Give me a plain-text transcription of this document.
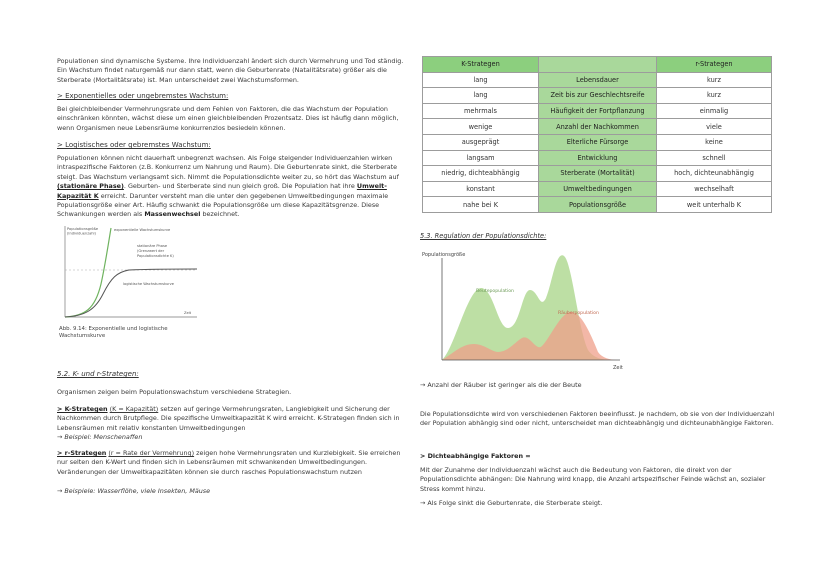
Populationen sind dynamische Systeme. Ihre Individuenzahl ändert sich durch Vermehrung und Tod ständig. Ein Wachstum findet naturgemäß nur dann statt, wenn die Geburtenrate (Natalitätsrate) größer als die Sterberate (Mortalitätsrate) ist. Man unterscheidet zwei Wachstumsformen.

> Exponentielles oder ungebremstes Wachstum:

Bei gleichbleibender Vermehrungsrate und dem Fehlen von Faktoren, die das Wachstum der Population einschränken könnten, wächst diese um einen gleichbleibenden Prozentsatz. Dies ist häufig dann möglich, wenn Organismen neue Lebensräume konkurrenzlos besiedeln können.

> Logistisches oder gebremstes Wachstum:

Populationen können nicht dauerhaft unbegrenzt wachsen. Als Folge steigender Individuenzahlen wirken intraspezifische Faktoren (z.B. Konkurrenz um Nahrung und Raum). Die Geburtenrate sinkt, die Sterberate steigt. Das Wachstum verlangsamt sich. Nimmt die Populationsdichte weiter zu, so hört das Wachstum auf (stationäre Phase). Geburten- und Sterberate sind nun gleich groß. Die Population hat ihre Umwelt-Kapazität K erreicht. Darunter versteht man die unter den gegebenen Umweltbedingungen maximale Populationsgröße einer Art. Häufig schwankt die Populationsgröße um diese Kapazitätsgrenze. Diese Schwankungen werden als Massenwechsel bezeichnet.

Populationsgröße
(Individuenzahl)
exponentielle Wachstumskurve
stationäre Phase
(Grenzwert der
Populationsdichte K)
logistische Wachstumskurve
Zeit
Abb. 9.14: Exponentielle und logistische
Wachstumskurve

5.2. K- und r-Strategen:

Organismen zeigen beim Populationswachstum verschiedene Strategien.

> K-Strategen (K = Kapazität) setzen auf geringe Vermehrungsraten, Langlebigkeit und Sicherung der Nachkommen durch Brutpflege. Die spezifische Umweltkapazität K wird erreicht. K-Strategen finden sich in Lebensräumen mit relativ konstanten Umweltbedingungen

→ Beispiel: Menschenaffen

> r-Strategen (r = Rate der Vermehrung) zeigen hohe Vermehrungsraten und Kurzlebigkeit. Sie erreichen nur selten den K-Wert und finden sich in Lebensräumen mit schwankenden Umweltbedingungen. Veränderungen der Umweltkapazitäten können sie durch rasches Populationswachstum nutzen

→ Beispiele: Wasserflöhe, viele Insekten, Mäuse

K-Strategen		r-Strategen
lang	Lebensdauer	kurz
lang	Zeit bis zur Geschlechtsreife	kurz
mehrmals	Häufigkeit der Fortpflanzung	einmalig
wenige	Anzahl der Nachkommen	viele
ausgeprägt	Elterliche Fürsorge	keine
langsam	Entwicklung	schnell
niedrig, dichteabhängig	Sterberate (Mortalität)	hoch, dichteunabhängig
konstant	Umweltbedingungen	wechselhaft
nahe bei K	Populationsgröße	weit unterhalb K

5.3. Regulation der Populationsdichte:

Populationsgröße
Beutepopulation
Räuberpopulation
Zeit

→ Anzahl der Räuber ist geringer als die der Beute

Die Populationsdichte wird von verschiedenen Faktoren beeinflusst. Je nachdem, ob sie von der Individuenzahl der Population abhängig sind oder nicht, unterscheidet man dichteabhängig und dichteunabhängige Faktoren.

> Dichteabhängige Faktoren =

Mit der Zunahme der Individuenzahl wächst auch die Bedeutung von Faktoren, die direkt von der Populationsdichte abhängen: Die Nahrung wird knapp, die Anzahl artspezifischer Feinde wächst an, sozialer Stress kommt hinzu.

→ Als Folge sinkt die Geburtenrate, die Sterberate steigt.
